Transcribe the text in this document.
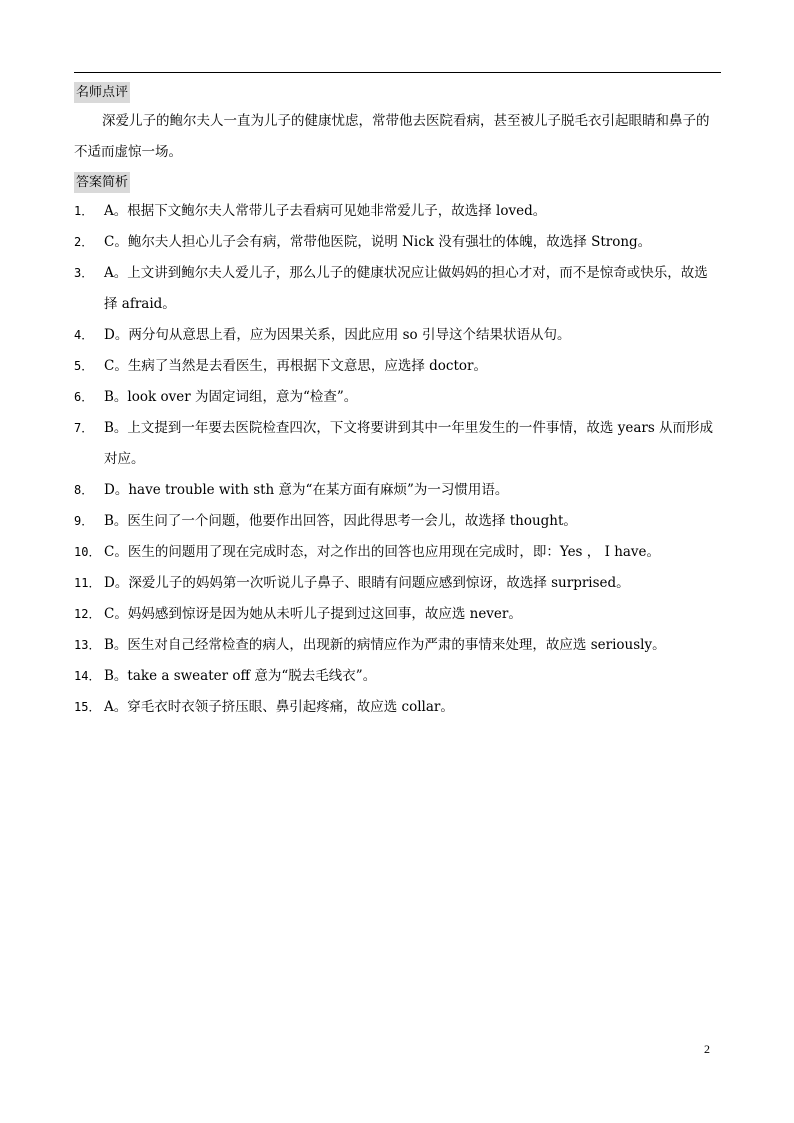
名师点评

深爱儿子的鲍尔夫人一直为儿子的健康忧虑，常带他去医院看病，甚至被儿子脱毛衣引起眼睛和鼻子的不适而虚惊一场。

答案简析
1． A。根据下文鲍尔夫人常带儿子去看病可见她非常爱儿子，故选择 loved。
2． C。鲍尔夫人担心儿子会有病，常带他医院，说明 Nick 没有强壮的体魄，故选择 Strong。
3． A。上文讲到鲍尔夫人爱儿子，那么儿子的健康状况应让做妈妈的担心才对，而不是惊奇或快乐，故选择 afraid。
4． D。两分句从意思上看，应为因果关系，因此应用 so 引导这个结果状语从句。
5． C。生病了当然是去看医生，再根据下文意思，应选择 doctor。
6． B。look over 为固定词组，意为“检查”。
7． B。上文提到一年要去医院检查四次，下文将要讲到其中一年里发生的一件事情，故选 years 从而形成对应。
8． D。have trouble with sth 意为“在某方面有麻烦”为一习惯用语。
9． B。医生问了一个问题，他要作出回答，因此得思考一会儿，故选择 thought。
10． C。医生的问题用了现在完成时态，对之作出的回答也应用现在完成时，即：Yes ， I have。
11． D。深爱儿子的妈妈第一次听说儿子鼻子、眼睛有问题应感到惊讶，故选择 surprised。
12． C。妈妈感到惊讶是因为她从未听儿子提到过这回事，故应选 never。
13． B。医生对自己经常检查的病人，出现新的病情应作为严肃的事情来处理，故应选 seriously。
14． B。take a sweater off 意为“脱去毛线衣”。
15． A。穿毛衣时衣领子挤压眼、鼻引起疼痛，故应选 collar。
2
